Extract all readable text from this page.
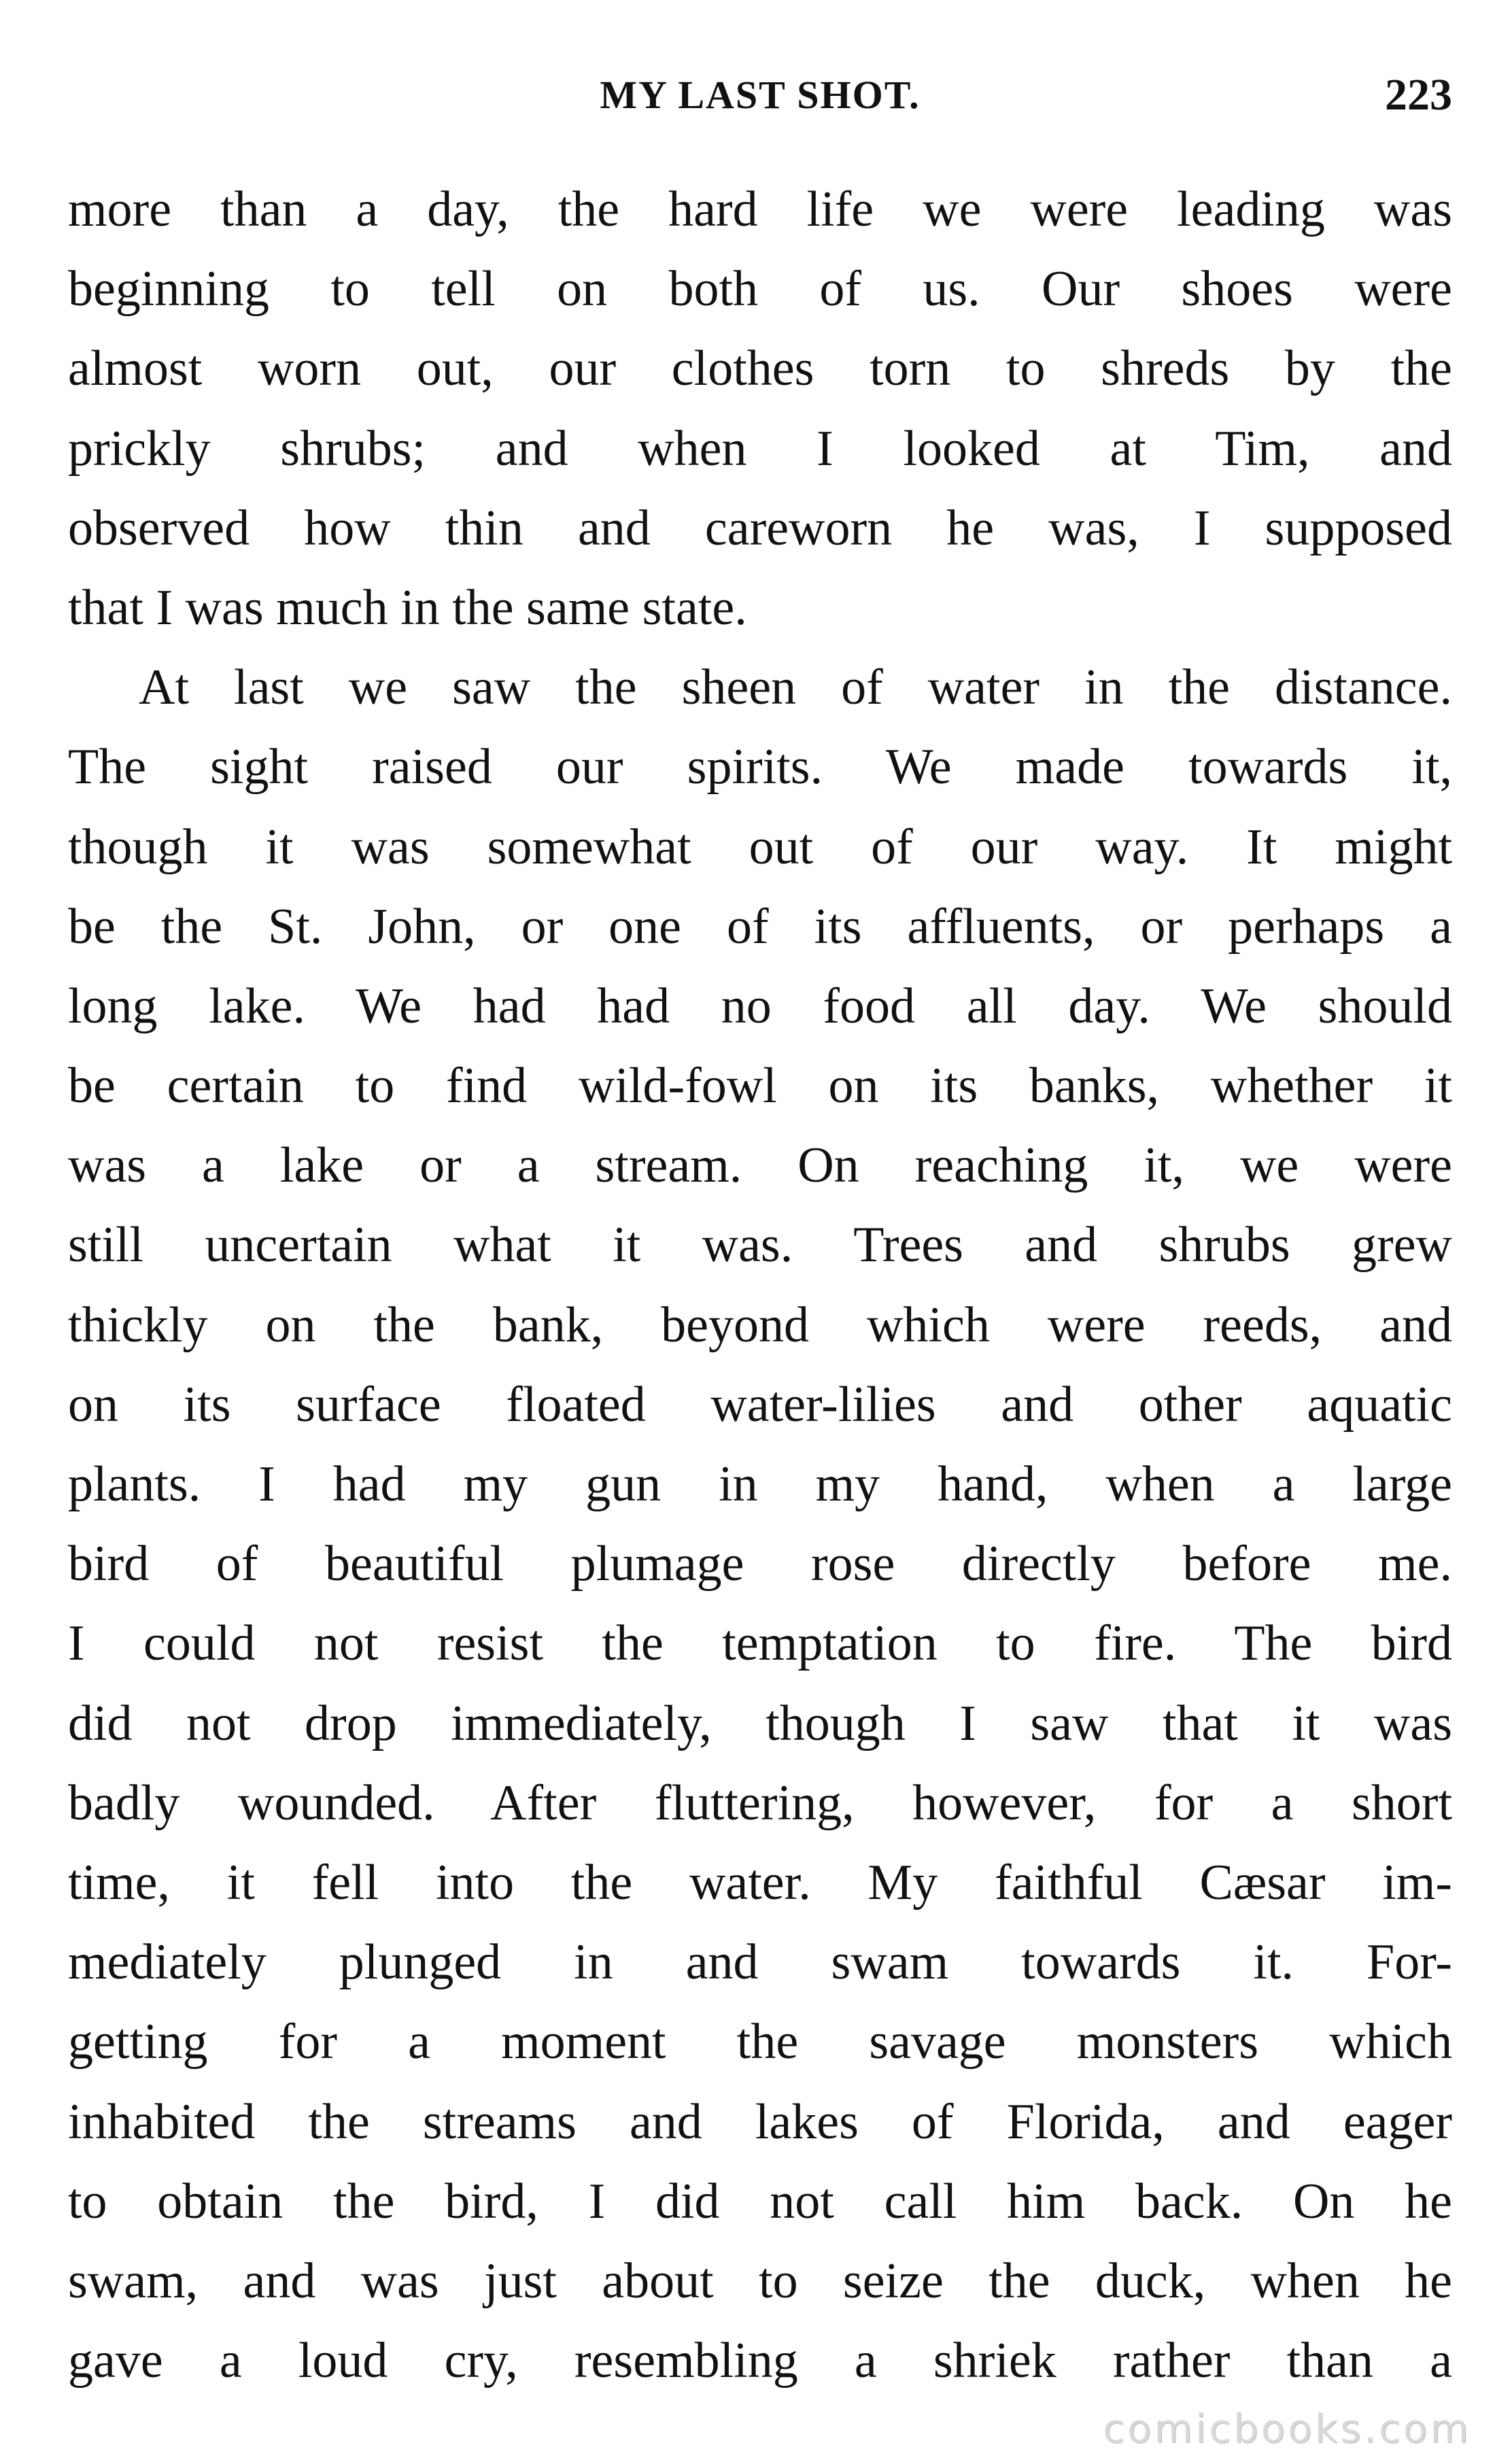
MY LAST SHOT.	223
more than a day, the hard life we were leading was
beginning to tell on both of us. Our shoes were
almost worn out, our clothes torn to shreds by the
prickly shrubs; and when I looked at Tim, and
observed how thin and careworn he was, I supposed
that I was much in the same state.
At last we saw the sheen of water in the distance.
The sight raised our spirits. We made towards it,
though it was somewhat out of our way. It might
be the St. John, or one of its affluents, or perhaps a
long lake. We had had no food all day. We should
be certain to find wild-fowl on its banks, whether it
was a lake or a stream. On reaching it, we were
still uncertain what it was. Trees and shrubs grew
thickly on the bank, beyond which were reeds, and
on its surface floated water-lilies and other aquatic
plants. I had my gun in my hand, when a large
bird of beautiful plumage rose directly before me.
I could not resist the temptation to fire. The bird
did not drop immediately, though I saw that it was
badly wounded. After fluttering, however, for a short
time, it fell into the water. My faithful Cæsar im-
mediately plunged in and swam towards it. For-
getting for a moment the savage monsters which
inhabited the streams and lakes of Florida, and eager
to obtain the bird, I did not call him back. On he
swam, and was just about to seize the duck, when he
gave a loud cry, resembling a shriek rather than a
comicbooks.com
